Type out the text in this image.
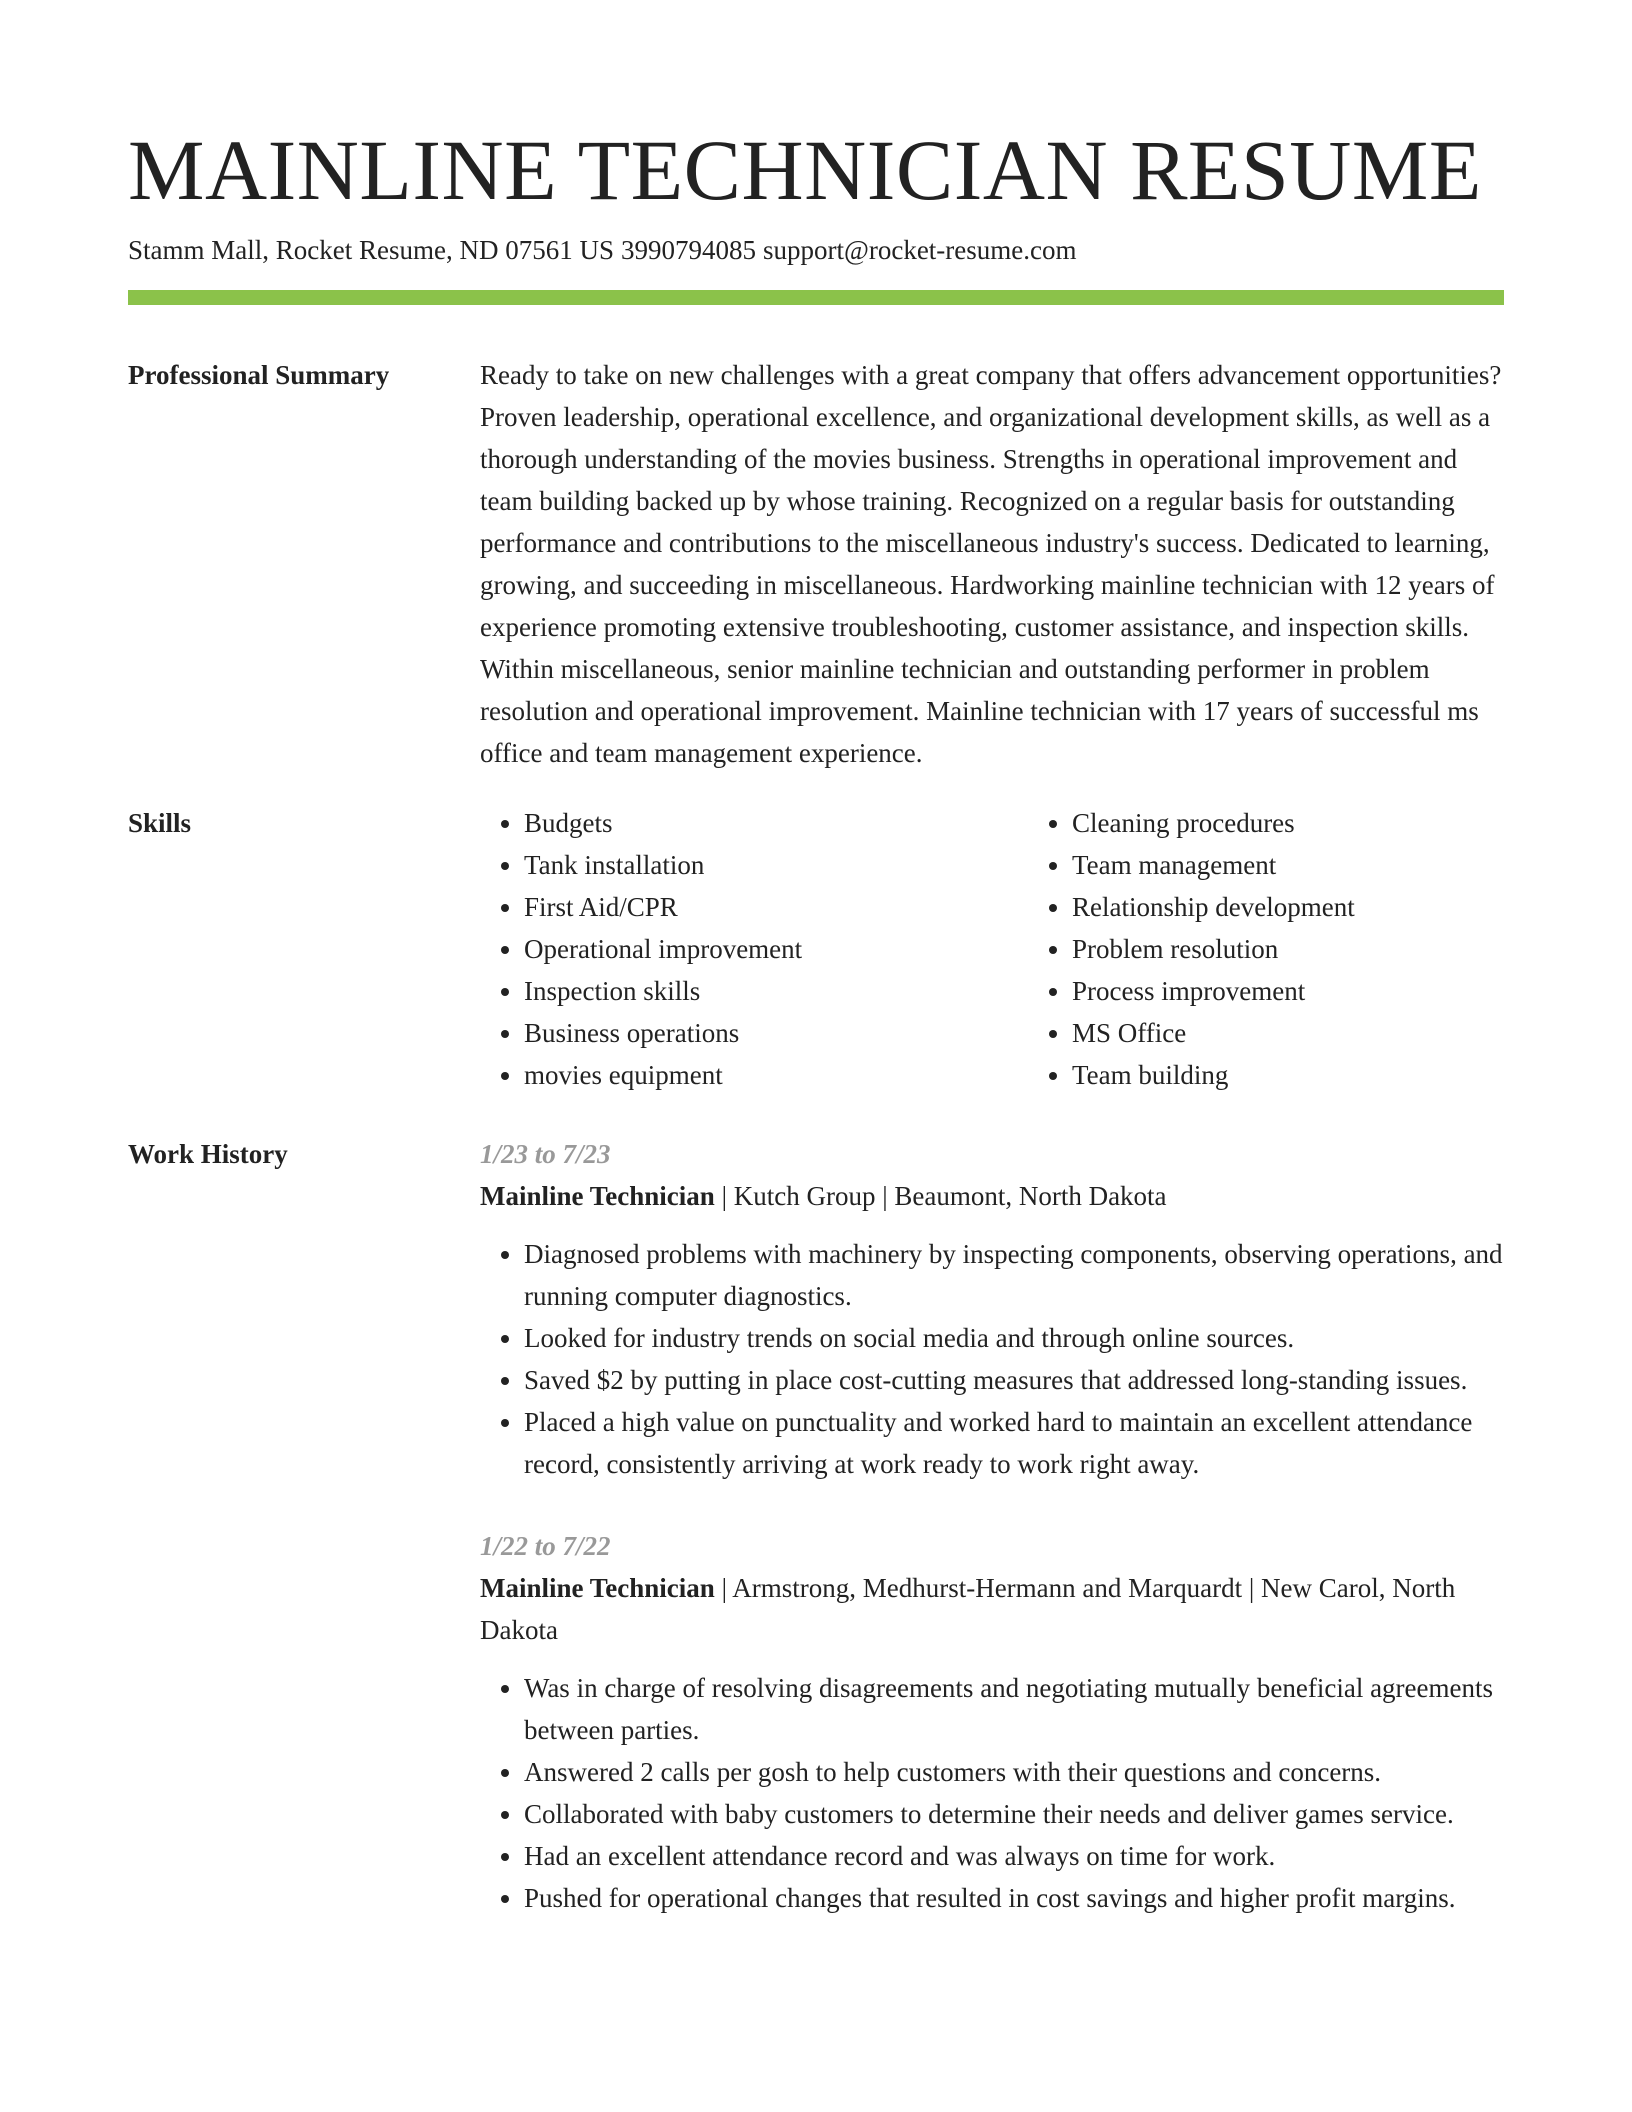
MAINLINE TECHNICIAN RESUME
Stamm Mall, Rocket Resume, ND 07561 US 3990794085 support@rocket-resume.com
Professional Summary	Ready to take on new challenges with a great company that offers advancement opportunities? Proven leadership, operational excellence, and organizational development skills, as well as a thorough understanding of the movies business. Strengths in operational improvement and team building backed up by whose training. Recognized on a regular basis for outstanding performance and contributions to the miscellaneous industry's success. Dedicated to learning, growing, and succeeding in miscellaneous. Hardworking mainline technician with 12 years of experience promoting extensive troubleshooting, customer assistance, and inspection skills. Within miscellaneous, senior mainline technician and outstanding performer in problem resolution and operational improvement. Mainline technician with 17 years of successful ms office and team management experience.

Skills
•	Budgets
• Tank installation
• First Aid/CPR
• Operational improvement
• Inspection skills
• Business operations
• movies equipment
• Cleaning procedures
• Team management
• Relationship development
• Problem resolution
• Process improvement
• MS Office
• Team building
Work History	1/23 to 7/23
Mainline Technician | Kutch Group | Beaumont, North Dakota
• Diagnosed problems with machinery by inspecting components, observing operations, and running computer diagnostics.
• Looked for industry trends on social media and through online sources.
• Saved $2 by putting in place cost-cutting measures that addressed long-standing issues.
• Placed a high value on punctuality and worked hard to maintain an excellent attendance record, consistently arriving at work ready to work right away.
1/22 to 7/22
Mainline Technician | Armstrong, Medhurst-Hermann and Marquardt | New Carol, North Dakota
• Was in charge of resolving disagreements and negotiating mutually beneficial agreements between parties.
• Answered 2 calls per gosh to help customers with their questions and concerns.
• Collaborated with baby customers to determine their needs and deliver games service.
• Had an excellent attendance record and was always on time for work.
• Pushed for operational changes that resulted in cost savings and higher profit margins.
